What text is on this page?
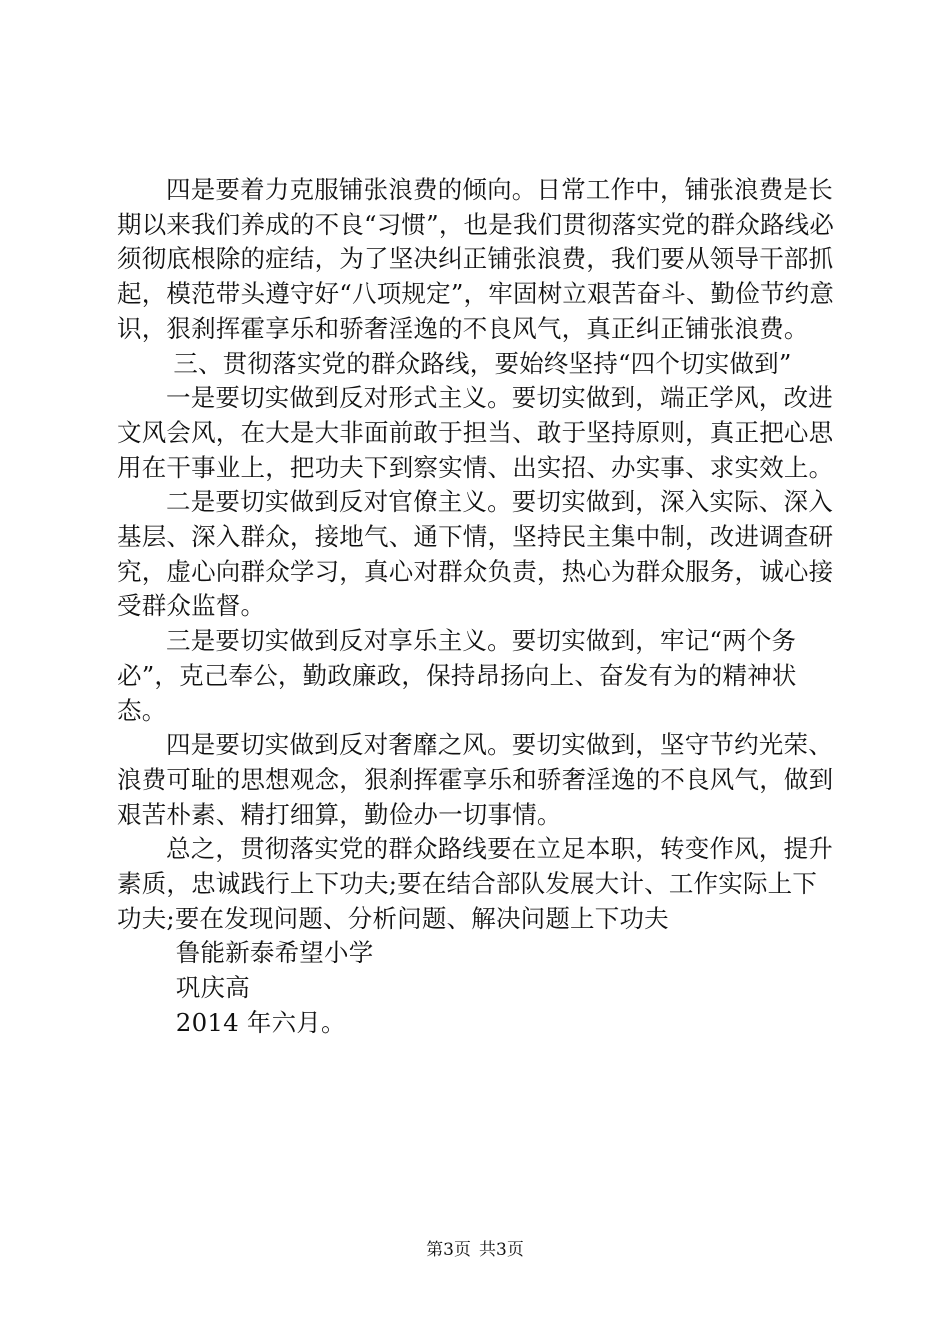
四是要着力克服铺张浪费的倾向。日常工作中，铺张浪费是长期以来我们养成的不良“习惯”，也是我们贯彻落实党的群众路线必须彻底根除的症结，为了坚决纠正铺张浪费，我们要从领导干部抓起，模范带头遵守好“八项规定”，牢固树立艰苦奋斗、勤俭节约意识，狠刹挥霍享乐和骄奢淫逸的不良风气，真正纠正铺张浪费。

三、贯彻落实党的群众路线，要始终坚持“四个切实做到”

一是要切实做到反对形式主义。要切实做到，端正学风，改进文风会风，在大是大非面前敢于担当、敢于坚持原则，真正把心思用在干事业上，把功夫下到察实情、出实招、办实事、求实效上。

二是要切实做到反对官僚主义。要切实做到，深入实际、深入基层、深入群众，接地气、通下情，坚持民主集中制，改进调查研究，虚心向群众学习，真心对群众负责，热心为群众服务，诚心接受群众监督。

三是要切实做到反对享乐主义。要切实做到，牢记“两个务必”，克己奉公，勤政廉政，保持昂扬向上、奋发有为的精神状态。

四是要切实做到反对奢靡之风。要切实做到，坚守节约光荣、浪费可耻的思想观念，狠刹挥霍享乐和骄奢淫逸的不良风气，做到艰苦朴素、精打细算，勤俭办一切事情。

总之，贯彻落实党的群众路线要在立足本职，转变作风，提升素质，忠诚践行上下功夫;要在结合部队发展大计、工作实际上下功夫;要在发现问题、分析问题、解决问题上下功夫

鲁能新泰希望小学

巩庆高

2014 年六月。

第3页 共3页
